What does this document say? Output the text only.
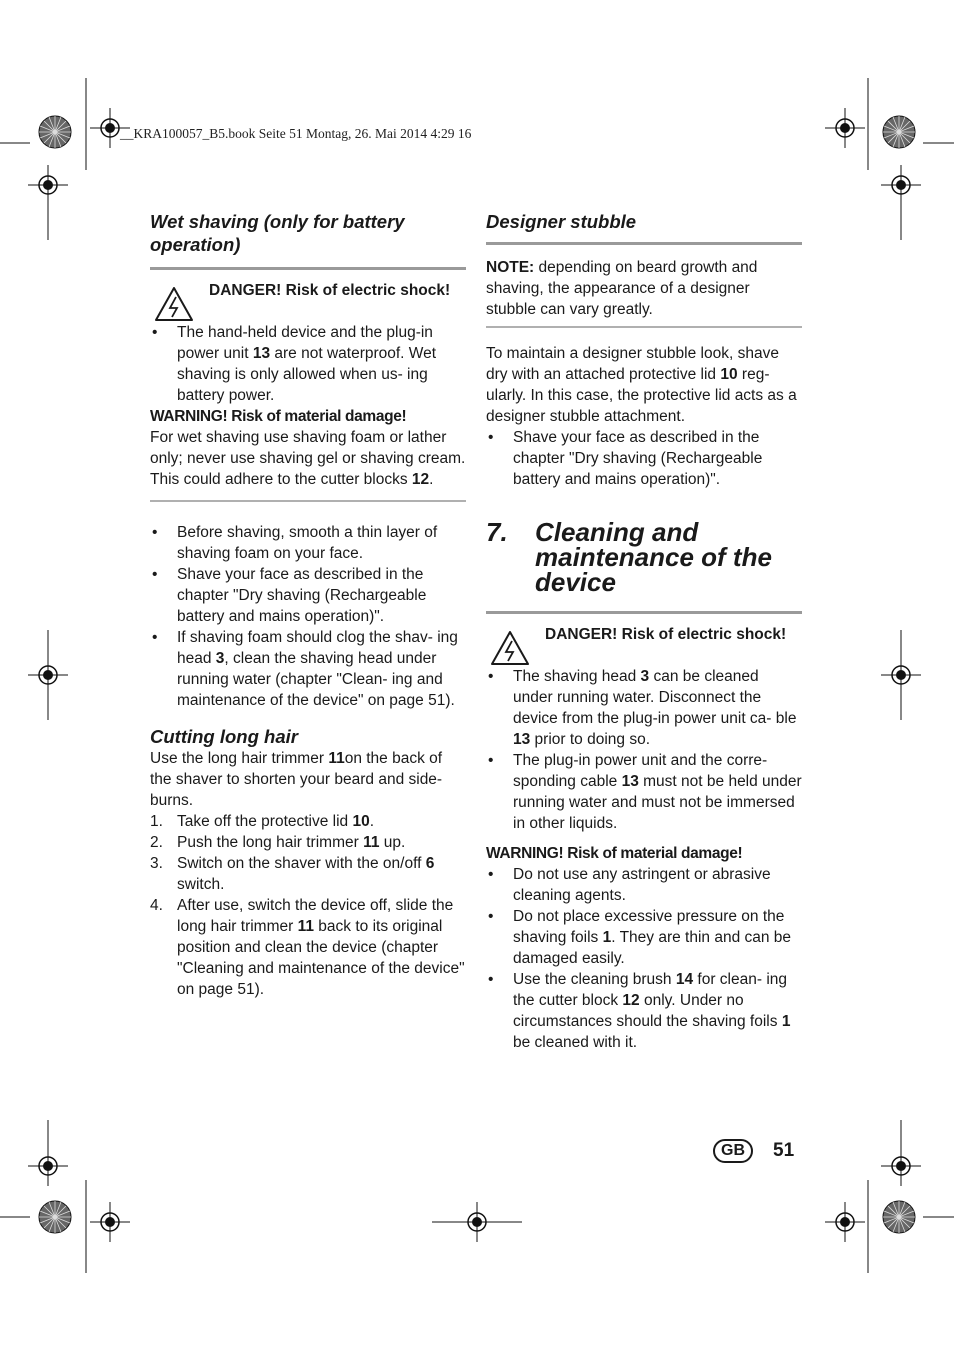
__KRA100057_B5.book Seite 51 Montag, 26. Mai 2014 4:29 16
Wet shaving (only for battery operation)
DANGER! Risk of electric shock!
• The hand-held device and the plug-in power unit 13 are not waterproof. Wet shaving is only allowed when us- ing battery power.

WARNING! Risk of material damage!

For wet shaving use shaving foam or lather only; never use shaving gel or shaving cream. This could adhere to the cutter blocks 12.

• Before shaving, smooth a thin layer of shaving foam on your face.
• Shave your face as described in the chapter "Dry shaving (Rechargeable battery and mains operation)".
• If shaving foam should clog the shav- ing head 3, clean the shaving head under running water (chapter "Clean- ing and maintenance of the device" on page 51).
Cutting long hair

Use the long hair trimmer 11on the back of the shaver to shorten your beard and side- burns.

1. Take off the protective lid 10.
2. Push the long hair trimmer 11 up.
3. Switch on the shaver with the on/off 6 switch.
4. After use, switch the device off, slide the long hair trimmer 11 back to its original position and clean the device (chapter "Cleaning and maintenance of the device" on page 51).
Designer stubble

NOTE: depending on beard growth and shaving, the appearance of a designer stubble can vary greatly.

To maintain a designer stubble look, shave dry with an attached protective lid 10 reg- ularly. In this case, the protective lid acts as a designer stubble attachment.

• Shave your face as described in the chapter "Dry shaving (Rechargeable battery and mains operation)".
7. Cleaning and maintenance of the device
DANGER! Risk of electric shock!
• The shaving head 3 can be cleaned under running water. Disconnect the device from the plug-in power unit ca- ble 13 prior to doing so.
• The plug-in power unit and the corre- sponding cable 13 must not be held under running water and must not be immersed in other liquids.

WARNING! Risk of material damage!

• Do not use any astringent or abrasive cleaning agents.
• Do not place excessive pressure on the shaving foils 1. They are thin and can be damaged easily.
• Use the cleaning brush 14 for clean- ing the cutter block 12 only. Under no circumstances should the shaving foils 1 be cleaned with it.
GB	51
